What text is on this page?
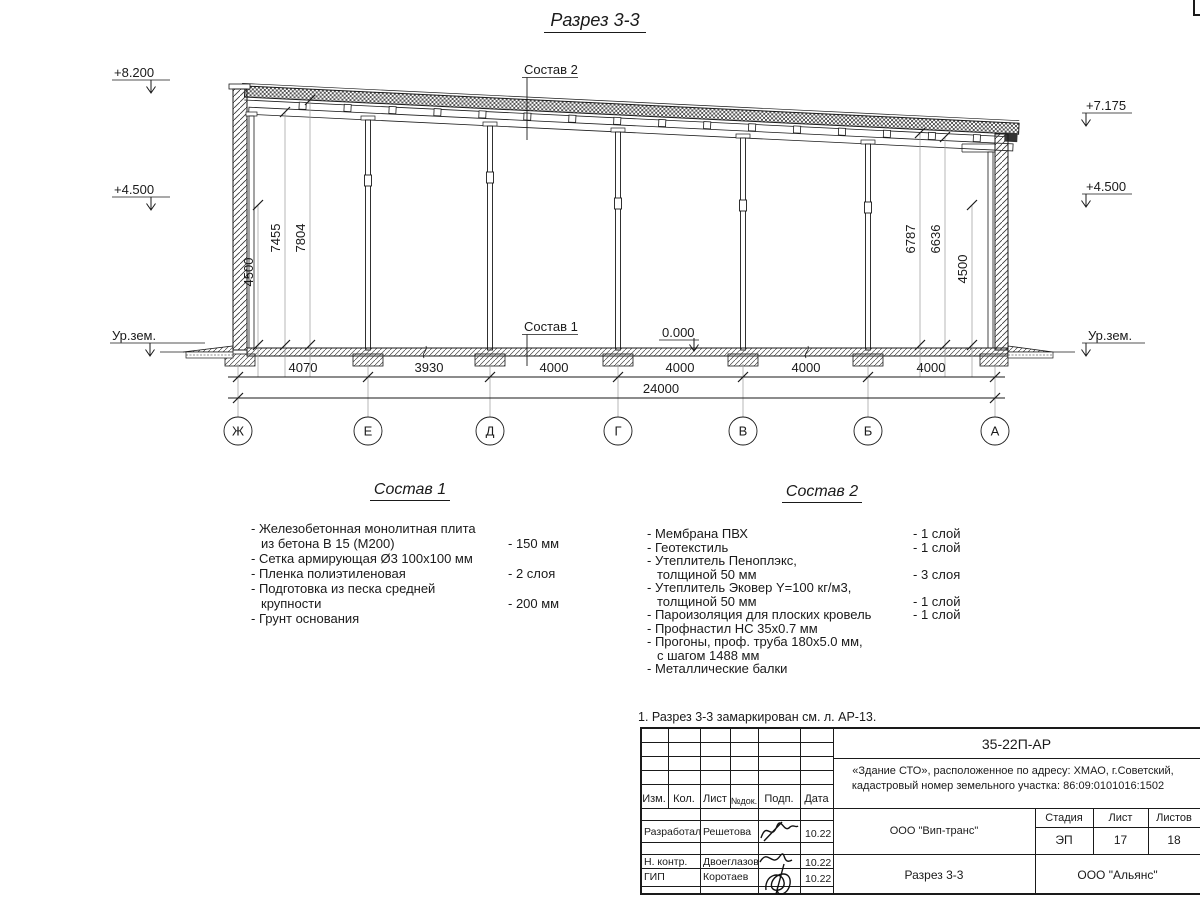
Разрез 3-3
4500
7455 7804	6787 6636
4500
4070	3930	4000	4000	4000	4000
24000
Ж	Е	Д	Г	В	Б	А
+8.200
+4.500
+7.175
+4.500
0.000
Ур.зем.	Ур.зем.
Состав 2
Состав 1
Состав 1
- Железобетонная монолитная плита
из бетона В 15 (М200)	- 150 мм
- Сетка армирующая Ø3 100х100 мм
- Пленка полиэтиленовая	- 2 слоя
- Подготовка из песка средней
крупности	- 200 мм
- Грунт основания
Состав 2
- Мембрана ПВХ	- 1 слой
- Геотекстиль	- 1 слой
- Утеплитель Пеноплэкс,
толщиной 50 мм	- 3 слоя
- Утеплитель Эковер Y=100 кг/м3,
толщиной 50 мм	- 1 слой
- Пароизоляция для плоских кровель	- 1 слой
- Профнастил НС 35х0.7 мм
- Прогоны, проф. труба 180х5.0 мм,
с шагом 1488 мм
- Металлические балки
1. Разрез 3-3 замаркирован см. л. АР-13.
Изм. Кол. Лист №док. Подп. Дата
Разработал Решетова	10.22
Н. контр. Двоеглазов	10.22
ГИП	Коротаев	10.22
35-22П-АР
«Здание СТО», расположенное по адресу: ХМАО, г.Советский,
кадастровый номер земельного участка: 86:09:0101016:1502
ООО "Вип-транс"
Стадия	Лист	Листов
ЭП	17	18
Разрез 3-3	ООО "Альянс"
